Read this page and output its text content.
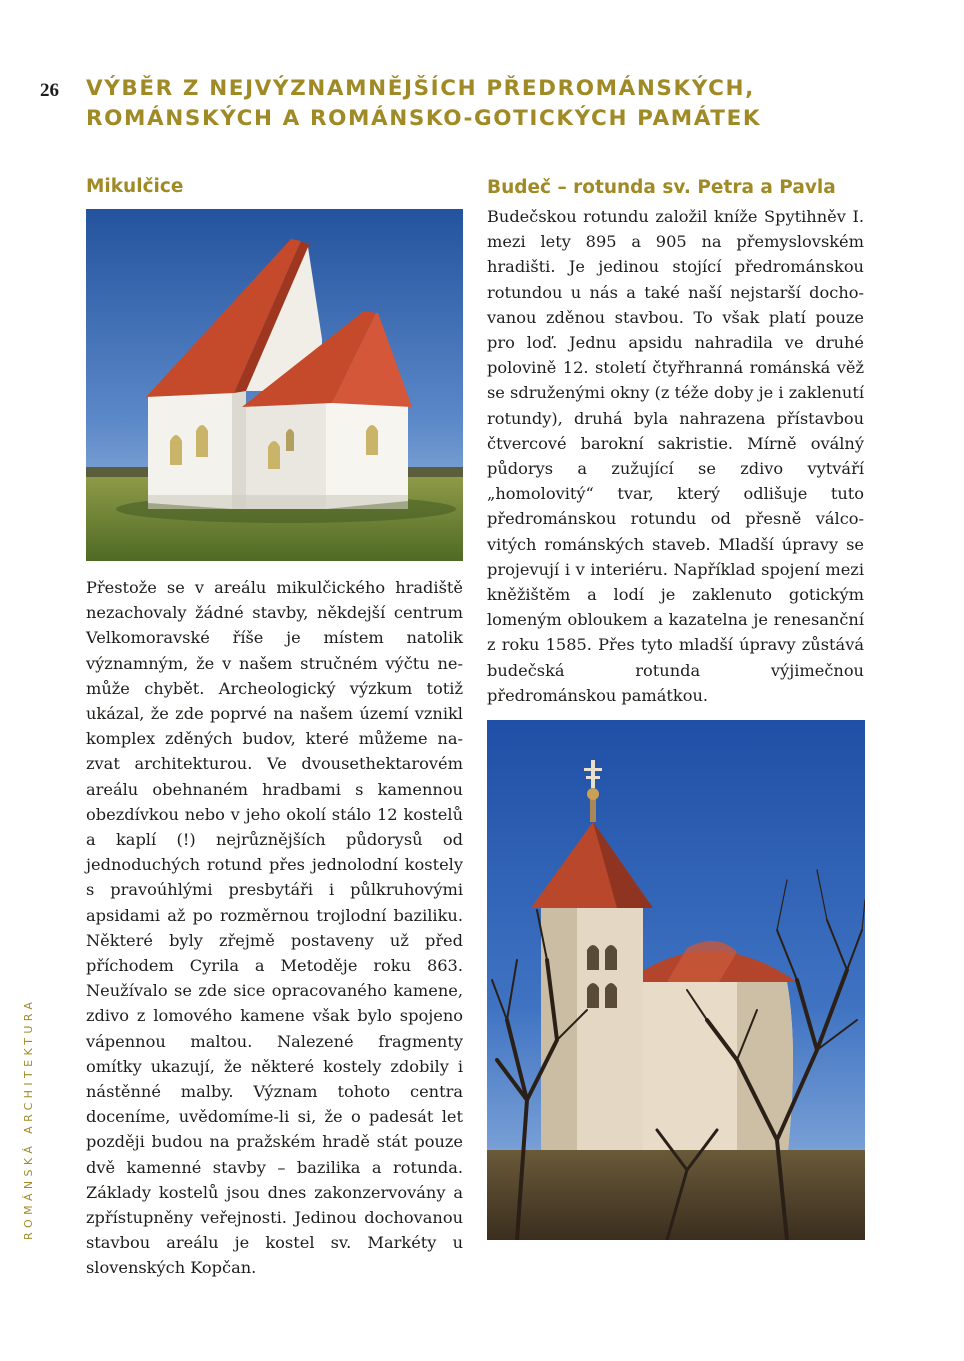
26 VÝBĚR Z NEJVÝZNAMNĚJŠÍCH PŘEDROMÁNSKÝCH, ROMÁNSKÝCH A ROMÁNSKO-GOTICKÝCH PAMÁTEK
Mikulčice

Přestože se v areálu mikulčického hradiště nezachovaly žádné stavby, někdejší centrum Velkomoravské říše je místem natolik významným, že v našem stručném výčtu nemůže chybět. Archeologický výzkum totiž ukázal, že zde poprvé na našem území vznikl komplex zděných budov, které můžeme nazvat architekturou. Ve dvousethektarovém areálu obehnaném hradbami s kamennou obezdívkou nebo v jeho okolí stálo 12 kostelů a kaplí (!) nejrůznějších půdorysů od jednoduchých rotund přes jednolodní kostely s pravoúhlými presbytáři i půlkruhovými apsidami až po rozměrnou trojlodní baziliku. Některé byly zřejmě postaveny už před příchodem Cyrila a Metoděje roku 863. Neužívalo se zde sice opracovaného kamene, zdivo z lomového kamene však bylo spojeno vápennou maltou. Nalezené fragmenty omítky ukazují, že některé kostely zdobily i nástěnné malby. Význam tohoto centra doceníme, uvědomíme-li si, že o padesát let později budou na pražském hradě stát pouze dvě kamenné stavby – bazilika a rotunda. Základy kostelů jsou dnes zakonzervovány a zpřístupněny veřejnosti. Jedinou dochovanou stavbou areálu je kostel sv. Markéty u slovenských Kopčan.

Budeč – rotunda sv. Petra a Pavla

Budečskou rotundu založil kníže Spytihněv I. mezi lety 895 a 905 na přemyslovském hradišti. Je jedinou stojící předrománskou rotundou u nás a také naší nejstarší dochovanou zděnou stavbou. To však platí pouze pro loď. Jednu apsidu nahradila ve druhé polovině 12. století čtyřhranná románská věž se sdruženými okny (z téže doby je i zaklenutí rotundy), druhá byla nahrazena přístavbou čtvercové barokní sakristie. Mírně oválný půdorys a zužující se zdivo vytváří „homolovitý“ tvar, který odlišuje tuto předrománskou rotundu od přesně válcovitých románských staveb. Mladší úpravy se projevují i v interiéru. Například spojení mezi kněžištěm a lodí je zaklenuto gotickým lomeným obloukem a kazatelna je renesanční z roku 1585. Přes tyto mladší úpravy zůstává budečská rotunda výjimečnou předrománskou památkou.

ROMÁNSKÁ ARCHITEKTURA
